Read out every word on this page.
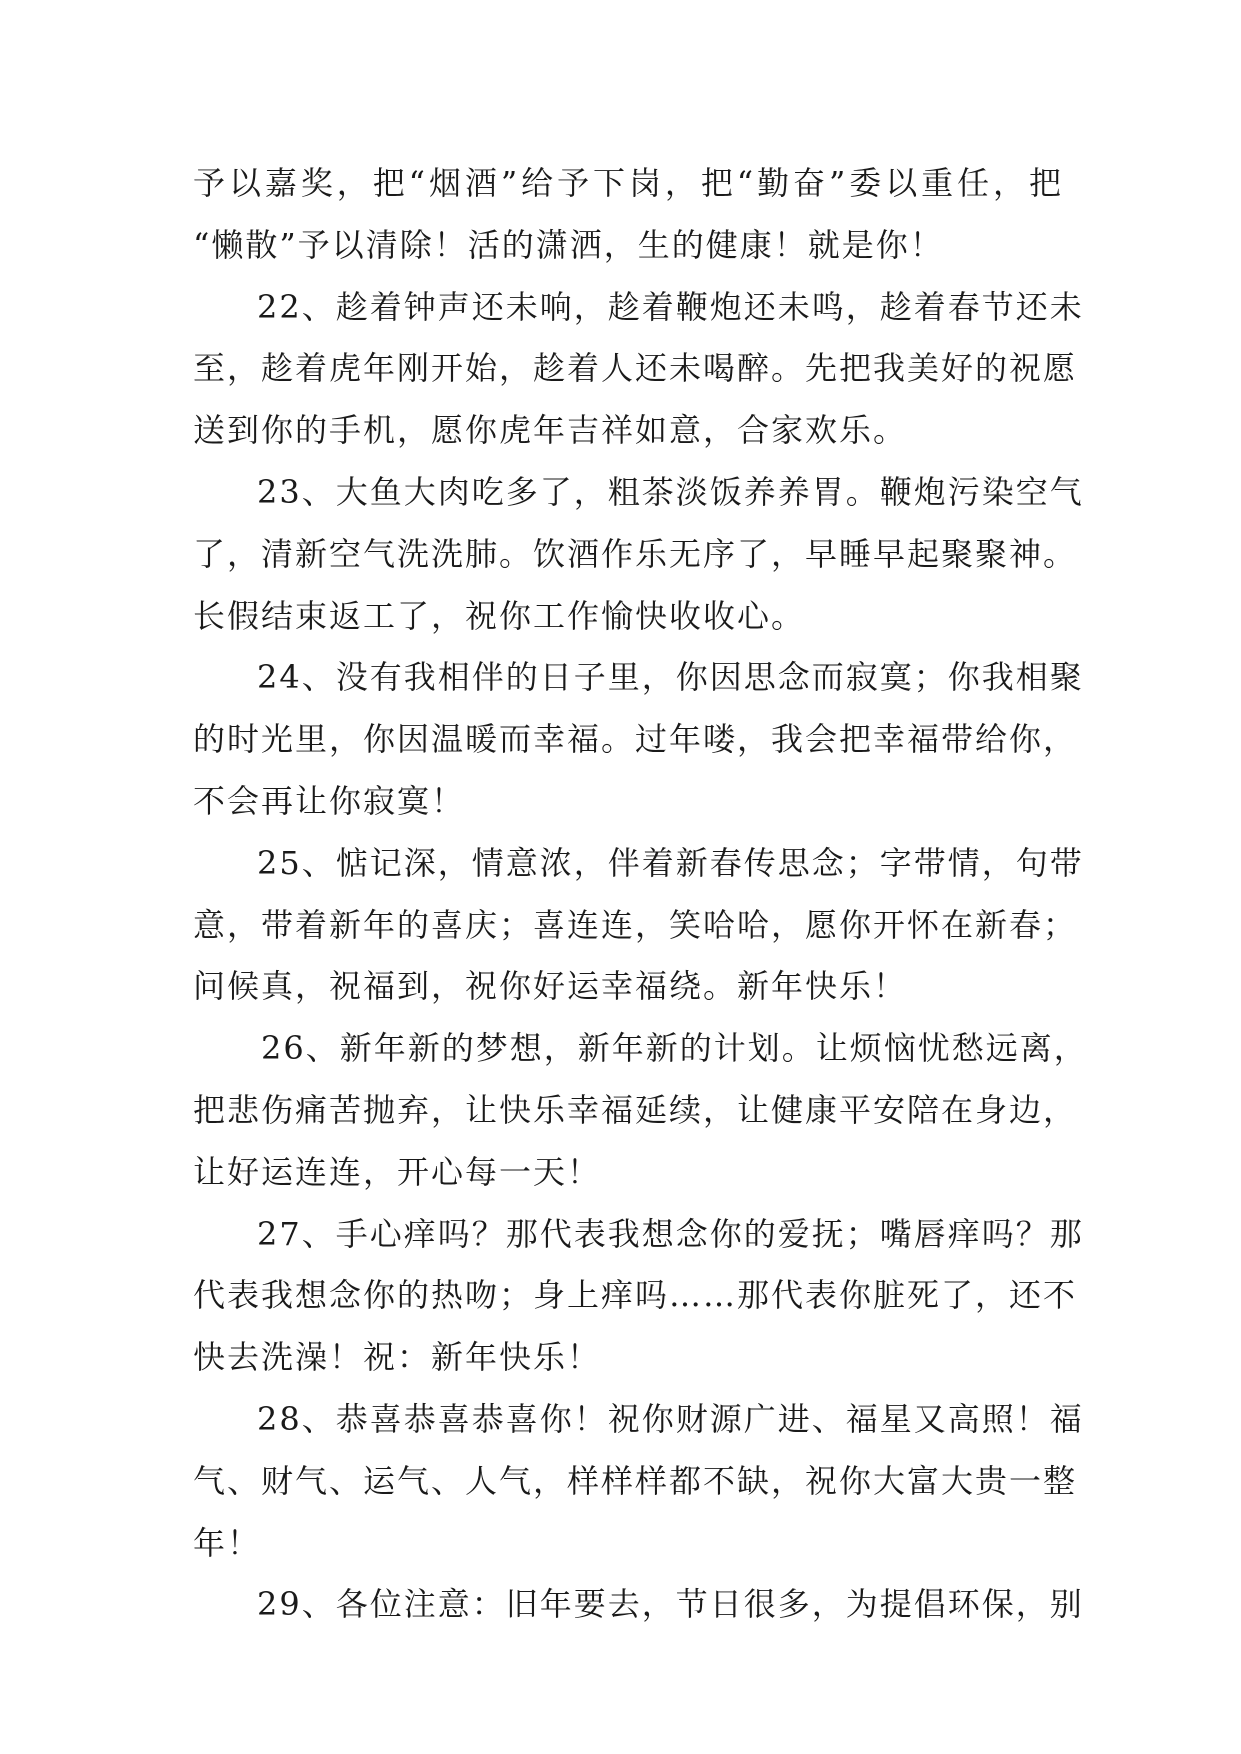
予以嘉奖，把“烟酒”给予下岗，把“勤奋”委以重任，把
“懒散”予以清除！活的潇洒，生的健康！就是你！
22、趁着钟声还未响，趁着鞭炮还未鸣，趁着春节还未
至，趁着虎年刚开始，趁着人还未喝醉。先把我美好的祝愿
送到你的手机，愿你虎年吉祥如意，合家欢乐。
23、大鱼大肉吃多了，粗茶淡饭养养胃。鞭炮污染空气
了，清新空气洗洗肺。饮酒作乐无序了，早睡早起聚聚神。
长假结束返工了，祝你工作愉快收收心。
24、没有我相伴的日子里，你因思念而寂寞；你我相聚
的时光里，你因温暖而幸福。过年喽，我会把幸福带给你，
不会再让你寂寞！
25、惦记深，情意浓，伴着新春传思念；字带情，句带
意，带着新年的喜庆；喜连连，笑哈哈，愿你开怀在新春；
问候真，祝福到，祝你好运幸福绕。新年快乐！
26、新年新的梦想，新年新的计划。让烦恼忧愁远离，
把悲伤痛苦抛弃，让快乐幸福延续，让健康平安陪在身边，
让好运连连，开心每一天！
27、手心痒吗？那代表我想念你的爱抚；嘴唇痒吗？那
代表我想念你的热吻；身上痒吗……那代表你脏死了，还不
快去洗澡！祝：新年快乐！
28、恭喜恭喜恭喜你！祝你财源广进、福星又高照！福
气、财气、运气、人气，样样样都不缺，祝你大富大贵一整
年！
29、各位注意：旧年要去，节日很多，为提倡环保，别
